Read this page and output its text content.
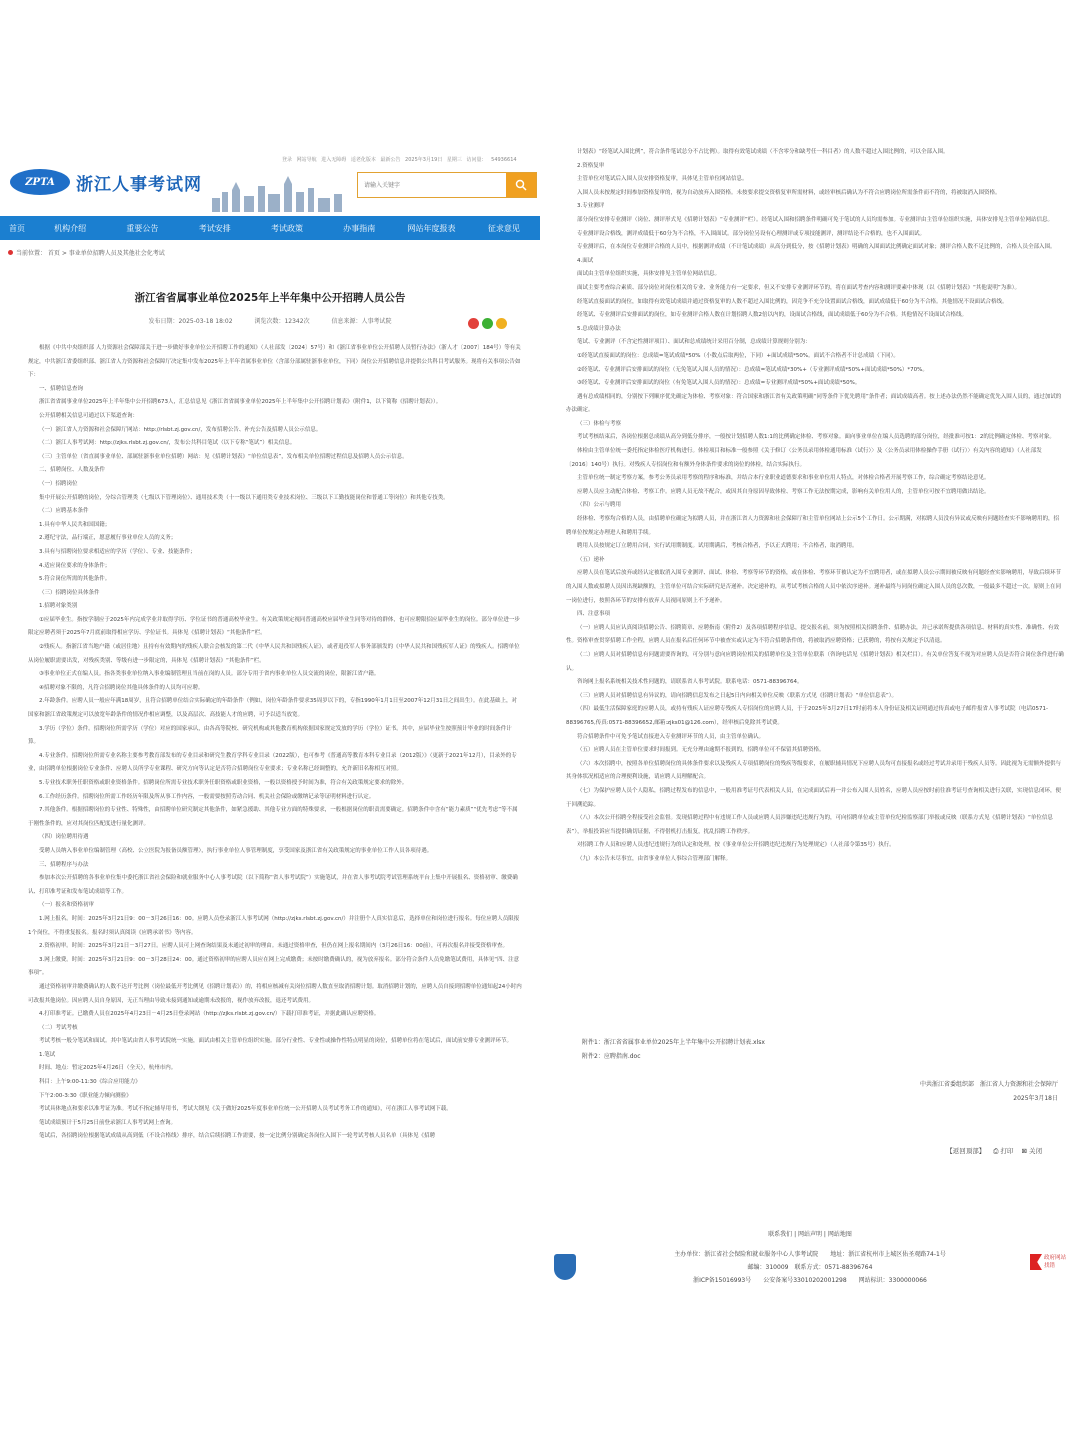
登录 网站导航 进入无障碍 适老化版本 最新公告 2025年3月19日 星期三 访问量： 54936614
ZPTA	浙江人事考试网
请输入关键字
首页	机构介绍	重要公告	考试安排	考试政策	办事指南	网站年度报表	征求意见
当前位置： 首页 > 事业单位招聘人员及其他社会化考试
浙江省省属事业单位2025年上半年集中公开招聘人员公告
发布日期：2025-03-18 18:02	浏览次数：12342次	信息来源：人事考试院

根据《中共中央组织部 人力资源社会保障部关于进一步做好事业单位公开招聘工作的通知》（人社部发〔2024〕57号）和《浙江省事业单位公开招聘人员暂行办法》（浙人才〔2007〕184号）等有关规定，中共浙江省委组织部、浙江省人力资源和社会保障厅决定集中发布2025年上半年省属事业单位（含部分部属驻浙事业单位，下同）岗位公开招聘信息并提供公共科目考试服务。现将有关事项公告如下：

一、招聘信息查询

浙江省省属事业单位2025年上半年集中公开招聘673人，汇总信息见《浙江省省属事业单位2025年上半年集中公开招聘计划表》（附件1，以下简称《招聘计划表》）。

公开招聘相关信息可通过以下渠道查询：

（一）浙江省人力资源和社会保障厅网站：http://rlsbt.zj.gov.cn/，发布招聘公告、补充公告及招聘人员公示信息。

（二）浙江人事考试网：http://zjks.rlsbt.zj.gov.cn/，发布公共科目笔试（以下专称“笔试”）相关信息。

（三）主管单位（省直属事业单位、部属驻浙事业单位招聘）网站：见《招聘计划表》“单位信息表”，发布相关单位招聘过程信息及招聘人员公示信息。

二、招聘岗位、人数及条件

（一）招聘岗位

集中开展公开招聘的岗位，分综合管理类（七级以下管理岗位）、通用技术类（十一级以下通用类专业技术岗位、三级以下工勤技能岗位和普通工等岗位）和其他专技类。

（二）应聘基本条件

1.具有中华人民共和国国籍；

2.遵纪守法，品行端正，愿意履行事业单位人员的义务；

3.具有与招聘岗位要求相适应的学历（学位）、专业、技能条件；

4.适应岗位要求的身体条件；

5.符合岗位所需的其他条件。

（三）招聘岗位具体条件

1.招聘对象类别

①应届毕业生。指按学制应于2025年内完成学业并取得学历、学位证书的普通高校毕业生。有关政策规定视同普通高校应届毕业生同等对待的群体，也可应聘限招应届毕业生的岗位。部分单位进一步限定应聘者须于2025年7月底前取得相应学历、学位证书。具体见《招聘计划表》“其他条件”栏。

②残疾人。指浙江省当地户籍（或居住地）且持有有效期内的残疾人联合会核发的第二代《中华人民共和国残疾人证》，或者退役军人事务部颁发的《中华人民共和国残疾军人证》的残疾人。招聘单位从岗位履职需要出发，对残疾类别、等级有进一步限定的，具体见《招聘计划表》“其他条件”栏。

③事业单位正式在编人员。指各类事业单位纳入事业编制管理且当前在岗的人员。部分专用于省内事业单位人员交流的岗位，限浙江省户籍。

④招聘对象不限的，凡符合招聘岗位其他具体条件的人员均可应聘。

2.年龄条件。应聘人员一般应年满18周岁，且符合招聘单位结合实际确定的年龄条件（例如，岗位年龄条件要求35周岁以下的，专指1990年1月1日至2007年12月31日之间出生）。在此基础上，对国家和浙江省政策规定可以放宽年龄条件的情况作相应调整，以及高层次、高技能人才的应聘，可予以适当放宽。

3.学历（学位）条件。招聘岗位所需学历（学位）对应的国家承认，由各高等院校、研究机构或其他教育机构依据国家规定发放的学历（学位）证书。其中，应届毕业生按照预计毕业的时间条件计算。

4.专业条件。招聘岗位所需专业名称主要参考教育部发布的专业目录和研究生教育学科专业目录（2022版），也可参考《普通高等教育本科专业目录（2012版）》（更新于2021年12月），目录外的专业，由招聘单位根据岗位专业条件、应聘人员所学专业课程、研究方向等认定是否符合招聘岗位专业要求；专业名称已经调整的，允许新旧名称相互对照。

5.专业技术职务任职资格或职业资格条件。招聘岗位所需专业技术职务任职资格或职业资格，一般以资格授予时间为准，符合有关政策规定要求的除外。

6.工作经历条件。招聘岗位所需工作经历年限及所从事工作内容，一般需要按照劳动合同、机关社会保险或缴纳记录等证明材料进行认定。

7.其他条件。根据招聘岗位的专业性、特殊性，由招聘单位研究制定其他条件，如紧急援助、其他专业方面的特殊要求，一般根据岗位的职责需要确定。招聘条件中含有“能力素质”“优先考虑”等不属于刚性条件的，应对其岗位匹配度进行量化测评。

（四）岗位聘用待遇

受聘人员纳入事业单位编制管理（高校、公立医院为报备员额管理），执行事业单位人事管理制度，享受国家及浙江省有关政策规定的事业单位工作人员各项待遇。

三、招聘程序与办法

参加本次公开招聘的各事业单位集中委托浙江省社会保险和就业服务中心人事考试院（以下简称“省人事考试院”）实施笔试，并在省人事考试院考试管理系统平台上集中开展报名、资格初审、缴费确认、打印准考证和发布笔试成绩等工作。

（一）报名和资格初审

1.网上报名。时间：2025年3月21日9：00－3月26日16：00。应聘人员登录浙江人事考试网（http://zjks.rlsbt.zj.gov.cn/）并注册个人真实信息后，选择单位和岗位进行报名。每位应聘人员限报1个岗位，不得重复报名。报名时须认真阅读《应聘承诺书》等内容。

2.资格初审。时间：2025年3月21日－3月27日。应聘人员可上网查询结果及未通过初审的理由。未通过资格审查，但仍在网上报名期间内（3月26日16：00前），可再次报名并接受资格审查。

3.网上缴费。时间：2025年3月21日9：00－3月28日24：00。通过资格初审的应聘人员应在网上完成缴费；未按时缴费确认的，视为放弃报名。部分符合条件人员免缴笔试费用，具体见“四、注意事项”。

通过资格初审并缴费确认的人数不达开考比例（岗位最低开考比例见《招聘计划表》）的，将相应核减有关岗位招聘人数直至取消招聘计划。取消招聘计划的，应聘人员自接到招聘单位通知起24小时内可改报其他岗位。因应聘人员自身原因，无正当理由导致未接到通知或逾期未改报的，视作放弃改报，退还考试费用。

4.打印准考证。已缴费人员在2025年4月23日－4月25日登录网站（http://zjks.rlsbt.zj.gov.cn/）下载打印准考证，并据此确认应聘资格。

（二）考试考核

考试考核一般分笔试和面试。其中笔试由省人事考试院统一实施，面试由相关主管单位组织实施。部分行业性、专业性或操作性特点明显的岗位，招聘单位将在笔试后，面试前安排专业测评环节。

1.笔试

时间、地点：暂定2025年4月26日（全天），杭州市内。

科目：上午9:00-11:30《综合应用能力》

下午2:00-3:30《职业能力倾向测验》

考试具体地点和要求以准考证为准。考试不指定辅导用书，考试大纲见《关于做好2025年度事业单位统一公开招聘人员考试考务工作的通知》，可在浙江人事考试网下载。

笔试成绩预计于5月25日前登录浙江人事考试网上查询。

笔试后，各招聘岗位根据笔试成绩从高到低（不设合格线）排序，结合后续招聘工作需要，按一定比例分别确定各岗位入围下一轮考试考核人员名单（具体见《招聘

计划表》“经笔试入围比例”，符合条件笔试总分不占比例）。取得有效笔试成绩（不含零分和缺考任一科目者）的人数不超过入围比例的，可以全部入围。

2.资格复审

主管单位对笔试后入围人员安排资格复审，具体见主管单位网站信息。

入围人员未按规定时间参加资格复审的，视为自动放弃入围资格。未按要求提交资格复审所需材料，或经审核后确认为不符合应聘岗位所需条件而不符的，将被取消入围资格。

3.专业测评

部分岗位安排专业测评（岗位、测评形式见《招聘计划表》“专业测评”栏）。经笔试入围和招聘条件明确可免于笔试的人员均需参加。专业测评由主管单位组织实施，具体安排见主管单位网站信息。

专业测评设合格线，测评成绩低于60分为不合格，不入围面试。部分岗位另设有心理测评或专项技能测评，测评结论不合格的，也不入围面试。

专业测评后，在本岗位专业测评合格的人员中，根据测评成绩（不计笔试成绩）从高分到低分，按《招聘计划表》明确的入围面试比例确定面试对象；测评合格人数不足比例的，合格人员全部入围。

4.面试

面试由主管单位组织实施，具体安排见主管单位网站信息。

面试主要考查综合素质、部分岗位对岗位相关的专业、业务能力有一定要求，但又不安排专业测评环节的，将在面试考查内容和测评要素中体现（以《招聘计划表》“其他说明”为准）。

经笔试直接面试的岗位，如取得有效笔试成绩并通过资格复审的人数不超过入围比例的，因竞争不充分设置面试合格线，面试成绩低于60分为不合格。其他情况不设面试合格线。

经笔试、专业测评后安排面试的岗位，如专业测评合格人数在计划招聘人数2倍以内的，设面试合格线，面试成绩低于60分为不合格。其他情况不设面试合格线。

5.总成绩计算办法

笔试、专业测评（不含定性测评项目）、面试和总成绩统计采用百分制，总成绩计算规则分别为：

①经笔试直接面试的岗位：总成绩=笔试成绩*50%（小数点后取两位，下同）+面试成绩*50%。面试不合格者不计总成绩（下同）。

②经笔试、专业测评后安排面试的岗位（无免笔试入围人员的情况）：总成绩=笔试成绩*30%+（专业测评成绩*50%+面试成绩*50%）*70%。

③经笔试、专业测评后安排面试的岗位（有免笔试入围人员的情况）：总成绩=专业测评成绩*50%+面试成绩*50%。

遇有总成绩相同的，分别按下列顺序优先确定为体检、考察对象：符合国家和浙江省有关政策明确“同等条件下优先聘用”条件者；面试成绩高者。按上述办法仍然不能确定优先入围人员的，通过加试的办法确定。

（三）体检与考察

考试考核结束后，各岗位根据总成绩从高分到低分排序，一般按计划招聘人数1:1的比例确定体检、考察对象。面向事业单位在编人员选聘的部分岗位，经批准可按1：2的比例确定体检、考察对象。

体检由主管单位统一委托指定体检医疗机构进行。体检项目和标准一般参照《关于修订〈公务员录用体检通用标准（试行）〉及〈公务员录用体检操作手册（试行）〉有关内容的通知》（人社部发〔2016〕140号）执行。对残疾人专招岗位和有额外身体条件要求的岗位的体检，结合实际执行。

主管单位统一制定考察方案，参考公务员录用考察的程序和标准，并结合本行业职业道德要求和事业单位用人特点，对体检合格者开展考察工作，综合确定考察结论意见。

应聘人员应主动配合体检、考察工作。应聘人员无故不配合，或因其自身原因导致体检、考察工作无法按期完成，影响有关单位用人的，主管单位可按不宜聘用做出结论。

（四）公示与聘用

经体检、考察均合格的人员，由招聘单位确定为拟聘人员，并在浙江省人力资源和社会保障厅和主管单位网站上公示5个工作日。公示期满，对拟聘人员没有异议或反映有问题经查实不影响聘用的，招聘单位按规定办理进人和聘用手续。

聘用人员按规定订立聘用合同，实行试用期制度。试用期满后，考核合格者，予以正式聘用；不合格者，取消聘用。

（五）递补

应聘人员在笔试后放弃或经认定被取消入围专业测评、面试、体检、考察等环节的资格，或在体检、考察环节被认定为不宜聘用者，或在拟聘人员公示期间被反映有问题经查实影响聘用，导致后续环节的入围人数或拟聘人员因出现缺额的，主管单位可结合实际研究是否递补。决定递补的，从考试考核合格的人员中依次序递补。递补最终与同岗位确定入围人员的总次数，一般最多不超过一次。原则上在同一岗位进行，按照各环节的安排有放弃人员视同原则上不予递补。

四、注意事项

（一）应聘人员应认真阅读招聘公告、招聘简章、应聘指南（附件2）及各项招聘程序信息，提交报名前，须为按照相关招聘条件、招聘办法，并已承诺所提供各项信息、材料的真实性、准确性、有效性。资格审查贯穿招聘工作全程，应聘人员在报名后任何环节中被查实或认定为不符合招聘条件的，将被取消应聘资格；已获聘的，将按有关规定予以清退。

（二）应聘人员对招聘信息有问题需要咨询的，可分别与意向应聘岗位相关的招聘单位及主管单位联系（咨询电话见《招聘计划表》相关栏目）。有关单位答复不视为对应聘人员是否符合岗位条件进行确认。

咨询网上报名系统相关技术性问题的，请联系省人事考试院。联系电话：0571-88396764。

（三）应聘人员对招聘信息有异议的，请向招聘信息发布之日起5日内向相关单位反映（联系方式见《招聘计划表》“单位信息表”）。

（四）最低生活保障家庭的应聘人员，或持有残疾人证应聘专残疾人专招岗位的应聘人员，于于2025年3月27日17时前将本人身份证及相关证明通过传真或电子邮件报省人事考试院（电话0571-88396765,传真:0571-88396652,邮箱:zjks01@126.com），经审核后免除其考试费。

符合招聘条件中可免予笔试直接进入专业测评环节的人员，由主管单位确认。

（五）应聘人员在主管单位要求时间报到。无充分理由逾期不报到的，招聘单位可不保留其招聘资格。

（六）本次招聘中，按照各单位招聘岗位的具体条件要求以及残疾人专项招聘岗位的残疾等级要求，在履职辅具情况下应聘人员均可直接报名或经过考试并录用于残疾人员等。因此视为无需额外提供与其身体状况相适应的合理便利设施，请应聘人员理解配合。

（七）为保护应聘人员个人隐私，招聘过程发布的信息中，一般用准考证号代表相关人员，在完成面试后再一并公布入围人员姓名，应聘人员应按时前往准考证号查询相关进行关联，实现信息闭环，便于回溯追踪。

（八）本次公开招聘全程接受社会监督。发现招聘过程中有违规工作人员或应聘人员涉嫌违纪违规行为的，可向招聘单位或主管单位纪检监察部门举报或反映（联系方式见《招聘计划表》“单位信息表”），举报投诉应当提供确切证据，不得借机打击报复，扰乱招聘工作秩序。

对招聘工作人员和应聘人员违纪违规行为的认定和处理，按《事业单位公开招聘违纪违规行为处理规定》（人社部令第35号）执行。

（九）本公告未尽事宜，由省事业单位人事综合管理部门解释。

附件1：浙江省省属事业单位2025年上半年集中公开招聘计划表.xlsx
附件2：应聘指南.doc
中共浙江省委组织部　浙江省人力资源和社会保障厅
2025年3月18日
【返回頂部】 ⎙ 打印 ⊠ 关闭
联系我们 | 网站声明 | 网站地图
主办单位：浙江省社会保险和就业服务中心人事考试院　　地址：浙江省杭州市上城区佑圣观路74-1号
邮编：310009　联系方式：0571-88396764
浙ICP备15016993号　　公安备案号33010202001298　　网站标识：3300000066
政府网站找错
